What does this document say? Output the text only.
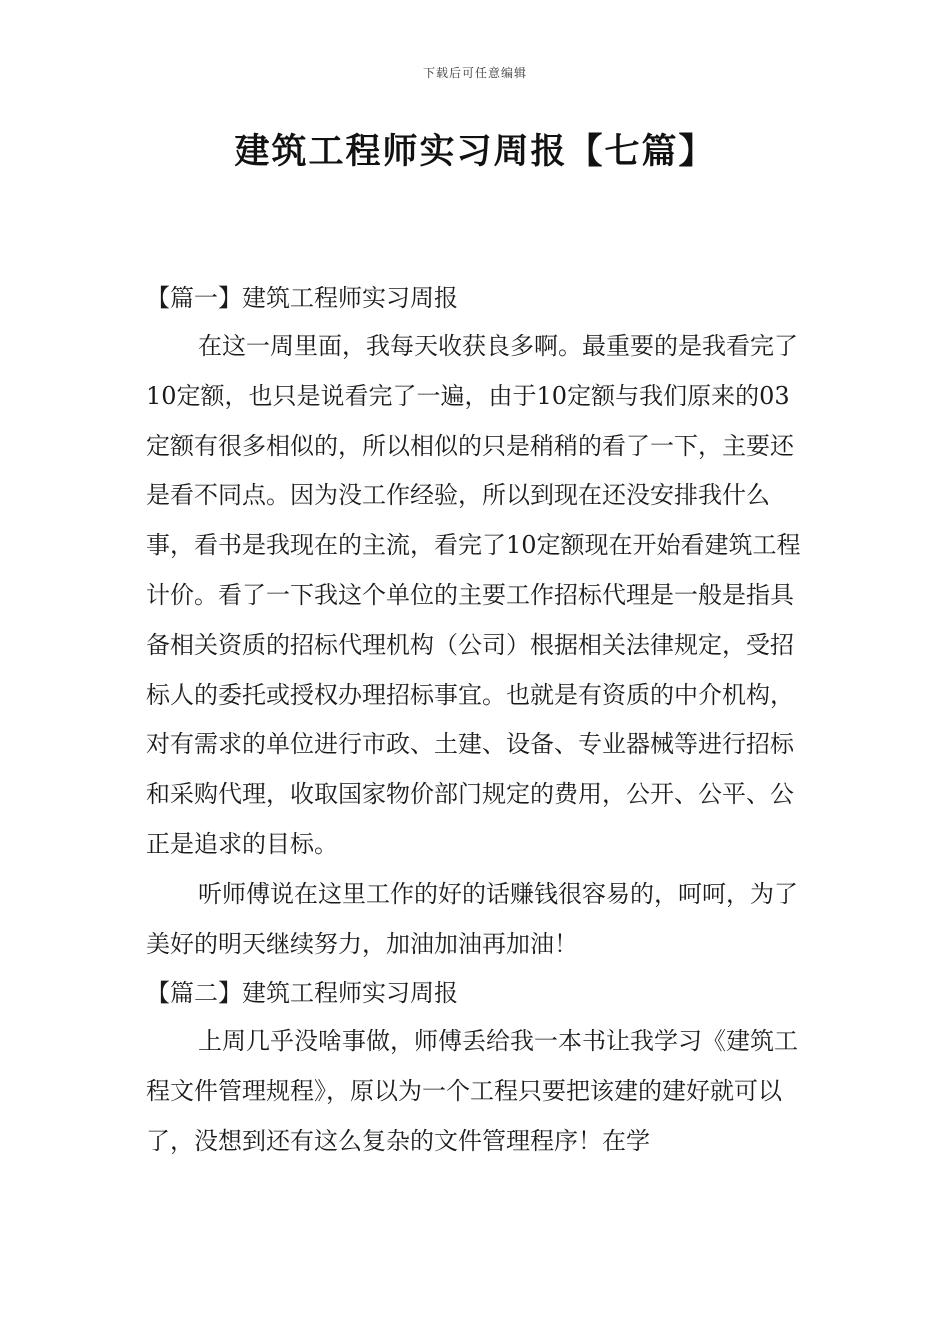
下载后可任意编辑
建筑工程师实习周报【七篇】

【篇一】建筑工程师实习周报

在这一周里面，我每天收获良多啊。最重要的是我看完了10定额，也只是说看完了一遍，由于10定额与我们原来的03定额有很多相似的，所以相似的只是稍稍的看了一下，主要还是看不同点。因为没工作经验，所以到现在还没安排我什么事，看书是我现在的主流，看完了10定额现在开始看建筑工程计价。看了一下我这个单位的主要工作招标代理是一般是指具备相关资质的招标代理机构（公司）根据相关法律规定，受招标人的委托或授权办理招标事宜。也就是有资质的中介机构，对有需求的单位进行市政、土建、设备、专业器械等进行招标和采购代理，收取国家物价部门规定的费用，公开、公平、公正是追求的目标。

听师傅说在这里工作的好的话赚钱很容易的，呵呵，为了美好的明天继续努力，加油加油再加油！

【篇二】建筑工程师实习周报

上周几乎没啥事做，师傅丢给我一本书让我学习《建筑工程文件管理规程》，原以为一个工程只要把该建的建好就可以了，没想到还有这么复杂的文件管理程序！在学
